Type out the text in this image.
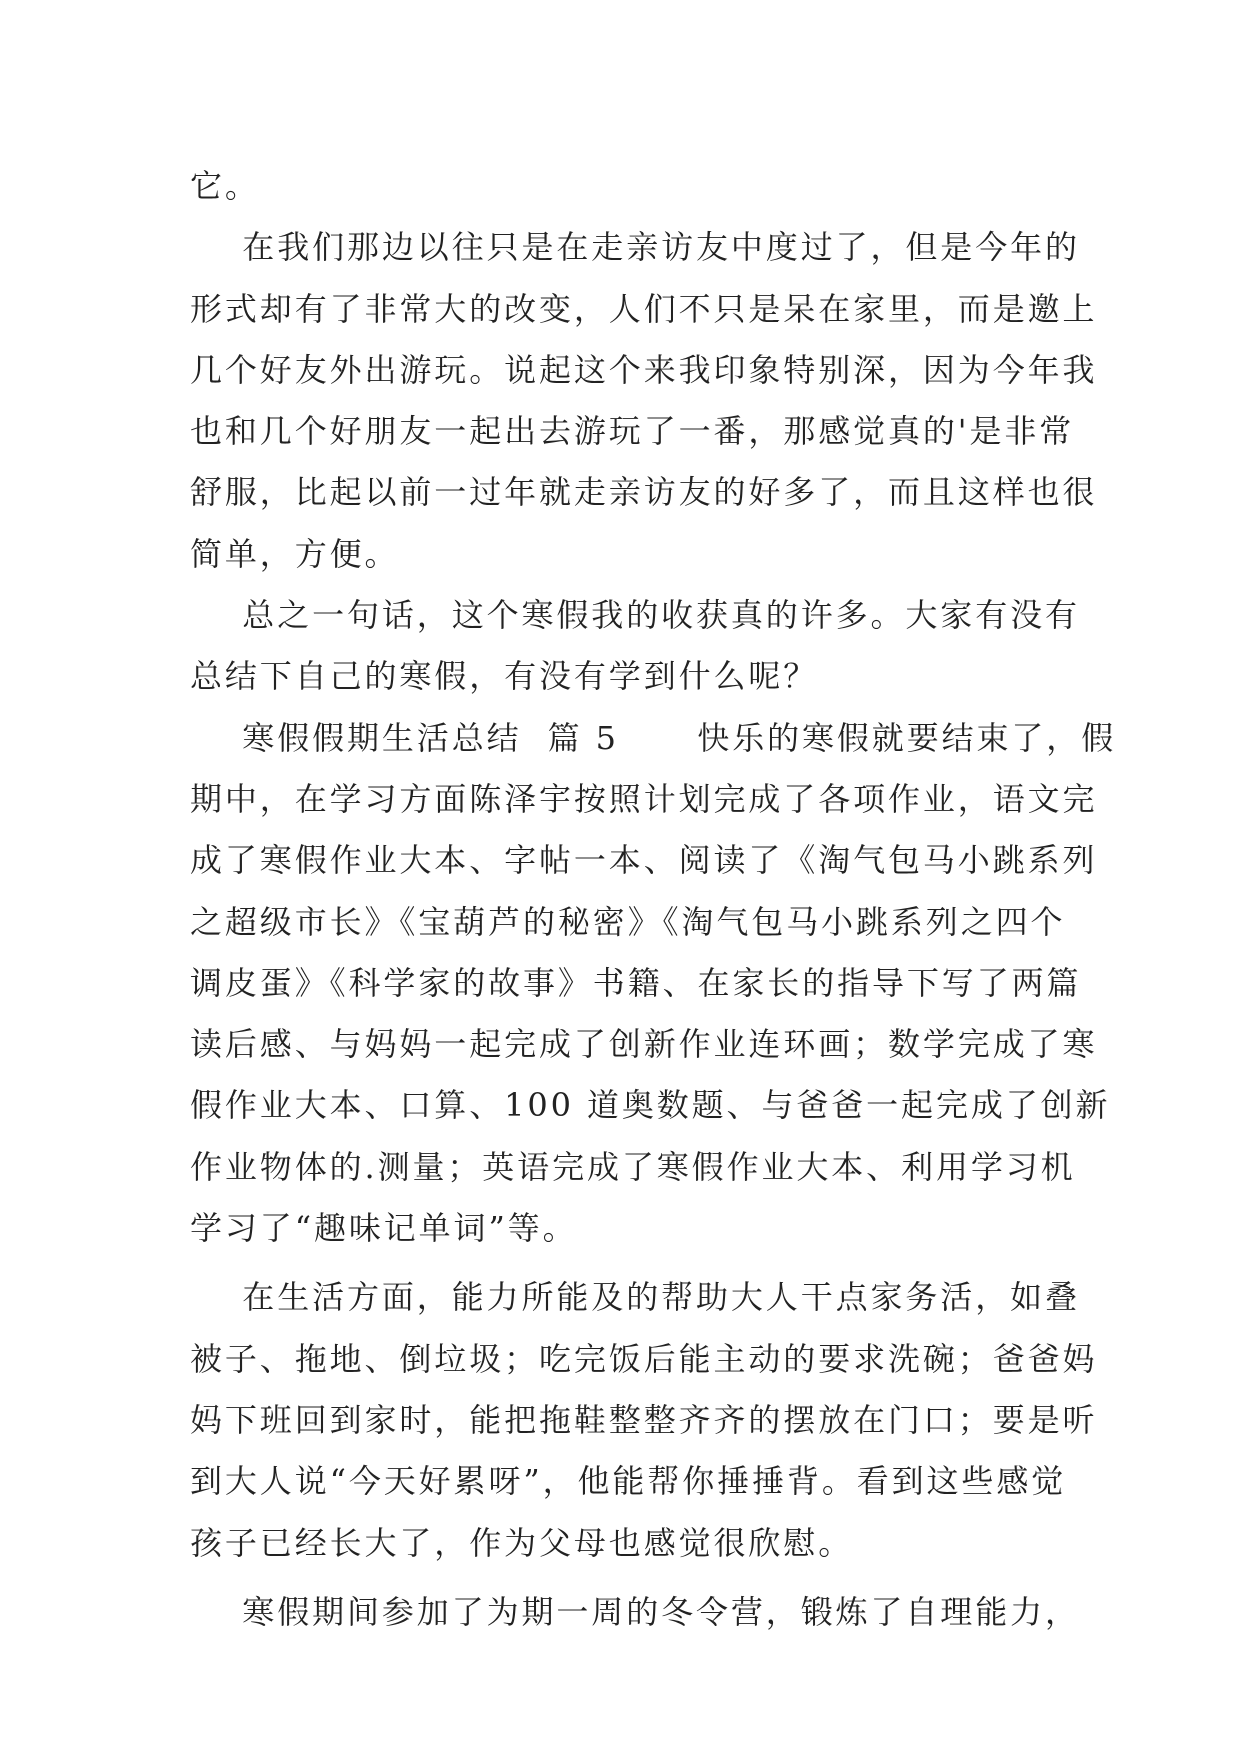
它。
在我们那边以往只是在走亲访友中度过了，但是今年的
形式却有了非常大的改变，人们不只是呆在家里，而是邀上
几个好友外出游玩。说起这个来我印象特别深，因为今年我
也和几个好朋友一起出去游玩了一番，那感觉真的'是非常
舒服，比起以前一过年就走亲访友的好多了，而且这样也很
简单，方便。
总之一句话，这个寒假我的收获真的许多。大家有没有
总结下自己的寒假，有没有学到什么呢？
寒假假期生活总结  篇 5      快乐的寒假就要结束了，假
期中，在学习方面陈泽宇按照计划完成了各项作业，语文完
成了寒假作业大本、字帖一本、阅读了《淘气包马小跳系列
之超级市长》《宝葫芦的秘密》《淘气包马小跳系列之四个
调皮蛋》《科学家的故事》书籍、在家长的指导下写了两篇
读后感、与妈妈一起完成了创新作业连环画；数学完成了寒
假作业大本、口算、100 道奥数题、与爸爸一起完成了创新
作业物体的.测量；英语完成了寒假作业大本、利用学习机
学习了“趣味记单词”等。
在生活方面，能力所能及的帮助大人干点家务活，如叠
被子、拖地、倒垃圾；吃完饭后能主动的要求洗碗；爸爸妈
妈下班回到家时，能把拖鞋整整齐齐的摆放在门口；要是听
到大人说“今天好累呀”，他能帮你捶捶背。看到这些感觉
孩子已经长大了，作为父母也感觉很欣慰。
寒假期间参加了为期一周的冬令营，锻炼了自理能力，
